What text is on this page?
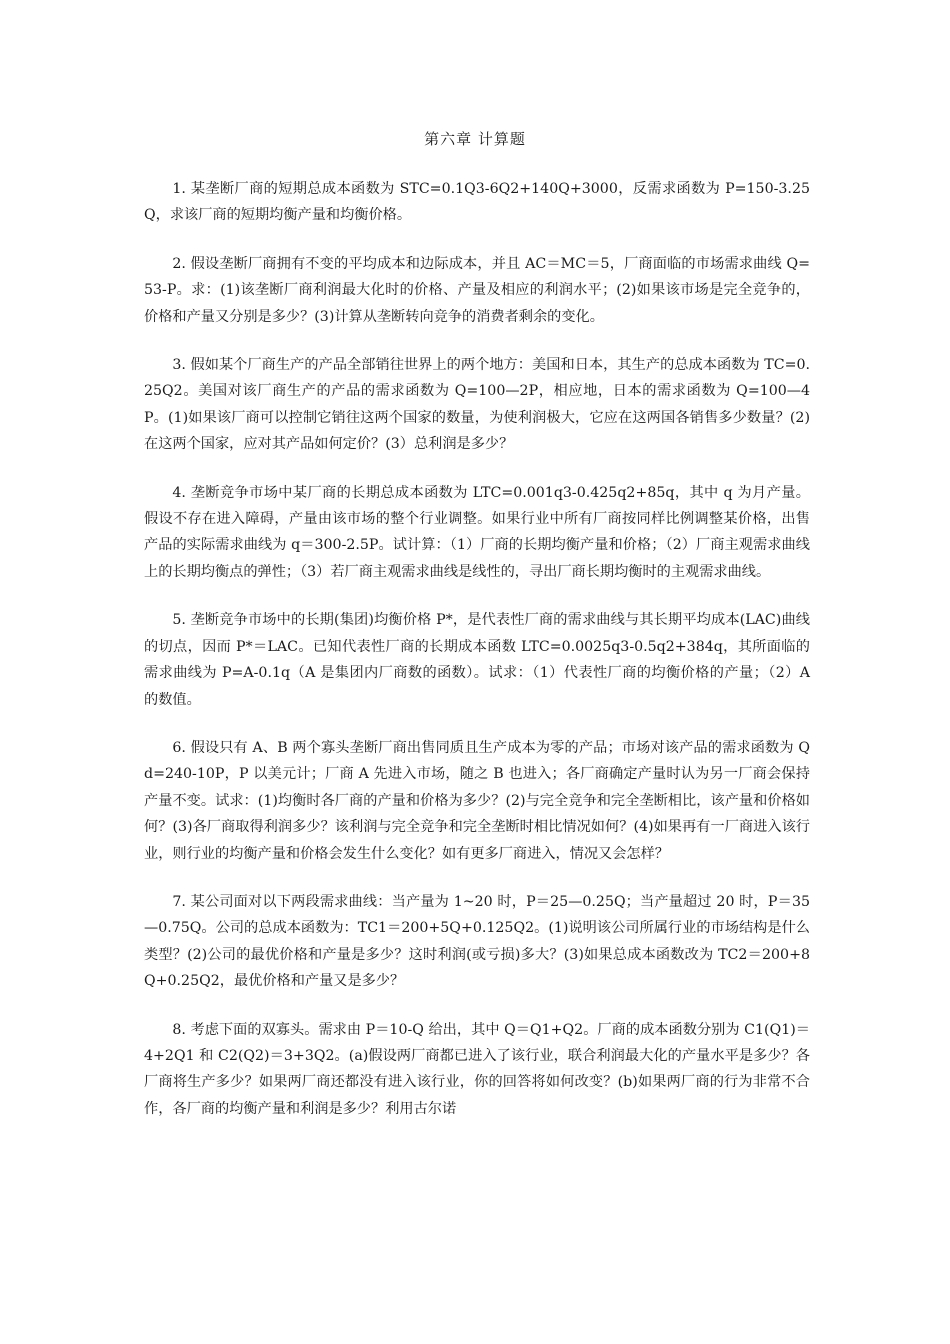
第六章 计算题

1. 某垄断厂商的短期总成本函数为 STC=0.1Q3-6Q2+140Q+3000，反需求函数为 P=150-3.25Q，求该厂商的短期均衡产量和均衡价格。

2. 假设垄断厂商拥有不变的平均成本和边际成本，并且 AC＝MC＝5，厂商面临的市场需求曲线 Q=53-P。求：(1)该垄断厂商利润最大化时的价格、产量及相应的利润水平；(2)如果该市场是完全竞争的，价格和产量又分别是多少？(3)计算从垄断转向竞争的消费者剩余的变化。

3. 假如某个厂商生产的产品全部销往世界上的两个地方：美国和日本，其生产的总成本函数为 TC=0.25Q2。美国对该厂商生产的产品的需求函数为 Q=100—2P，相应地，日本的需求函数为 Q=100—4P。(1)如果该厂商可以控制它销往这两个国家的数量，为使利润极大，它应在这两国各销售多少数量？(2)在这两个国家，应对其产品如何定价？(3）总利润是多少？

4. 垄断竞争市场中某厂商的长期总成本函数为 LTC=0.001q3-0.425q2+85q，其中 q 为月产量。假设不存在进入障碍，产量由该市场的整个行业调整。如果行业中所有厂商按同样比例调整某价格，出售产品的实际需求曲线为 q＝300-2.5P。试计算：（1）厂商的长期均衡产量和价格；（2）厂商主观需求曲线上的长期均衡点的弹性；（3）若厂商主观需求曲线是线性的，寻出厂商长期均衡时的主观需求曲线。

5. 垄断竞争市场中的长期(集团)均衡价格 P*，是代表性厂商的需求曲线与其长期平均成本(LAC)曲线的切点，因而 P*＝LAC。已知代表性厂商的长期成本函数 LTC=0.0025q3-0.5q2+384q，其所面临的需求曲线为 P=A-0.1q（A 是集团内厂商数的函数）。试求：（1）代表性厂商的均衡价格的产量；（2）A 的数值。

6. 假设只有 A、B 两个寡头垄断厂商出售同质且生产成本为零的产品；市场对该产品的需求函数为 Qd=240-10P，P 以美元计；厂商 A 先进入市场，随之 B 也进入；各厂商确定产量时认为另一厂商会保持产量不变。试求：(1)均衡时各厂商的产量和价格为多少？(2)与完全竞争和完全垄断相比，该产量和价格如何？(3)各厂商取得利润多少？该利润与完全竞争和完全垄断时相比情况如何？(4)如果再有一厂商进入该行业，则行业的均衡产量和价格会发生什么变化？如有更多厂商进入，情况又会怎样？

7. 某公司面对以下两段需求曲线：当产量为 1~20 时，P＝25—0.25Q；当产量超过 20 时，P＝35—0.75Q。公司的总成本函数为：TC1＝200+5Q+0.125Q2。(1)说明该公司所属行业的市场结构是什么类型？(2)公司的最优价格和产量是多少？这时利润(或亏损)多大？(3)如果总成本函数改为 TC2＝200+8Q+0.25Q2，最优价格和产量又是多少？

8. 考虑下面的双寡头。需求由 P＝10-Q 给出，其中 Q＝Q1+Q2。厂商的成本函数分别为 C1(Q1)＝4+2Q1 和 C2(Q2)＝3+3Q2。(a)假设两厂商都已进入了该行业，联合利润最大化的产量水平是多少？各厂商将生产多少？如果两厂商还都没有进入该行业，你的回答将如何改变？(b)如果两厂商的行为非常不合作，各厂商的均衡产量和利润是多少？利用古尔诺
